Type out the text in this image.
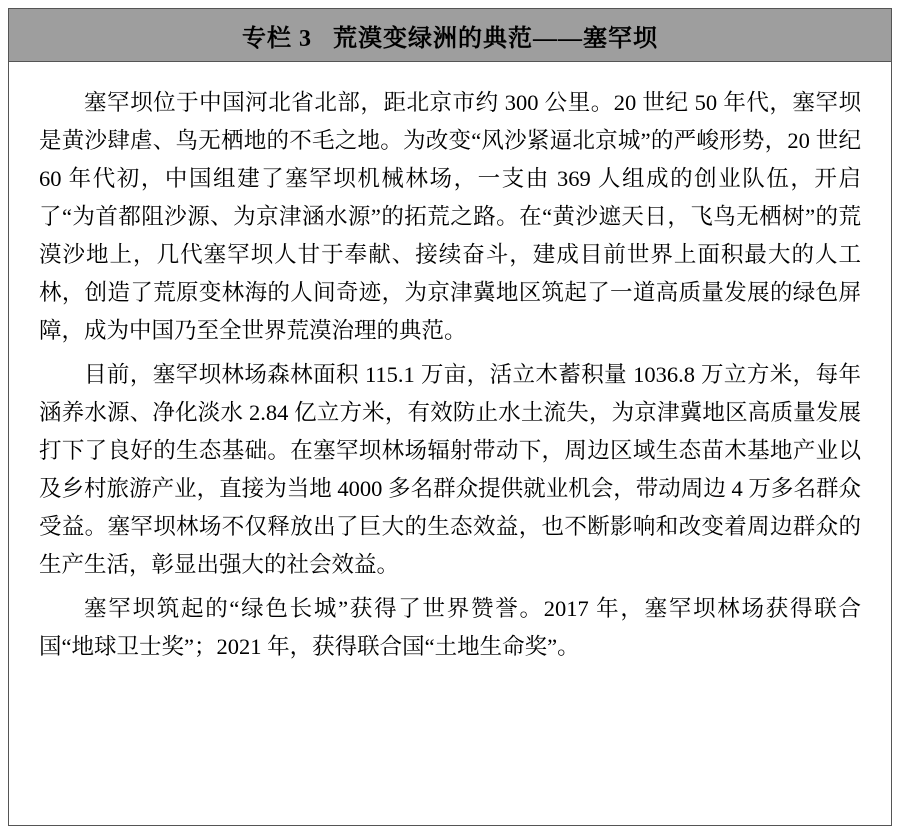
专栏 3   荒漠变绿洲的典范——塞罕坝

塞罕坝位于中国河北省北部，距北京市约 300 公里。20 世纪 50 年代，塞罕坝是黄沙肆虐、鸟无栖地的不毛之地。为改变“风沙紧逼北京城”的严峻形势，20 世纪 60 年代初，中国组建了塞罕坝机械林场，一支由 369 人组成的创业队伍，开启了“为首都阻沙源、为京津涵水源”的拓荒之路。在“黄沙遮天日，飞鸟无栖树”的荒漠沙地上，几代塞罕坝人甘于奉献、接续奋斗，建成目前世界上面积最大的人工林，创造了荒原变林海的人间奇迹，为京津冀地区筑起了一道高质量发展的绿色屏障，成为中国乃至全世界荒漠治理的典范。

目前，塞罕坝林场森林面积 115.1 万亩，活立木蓄积量 1036.8 万立方米，每年涵养水源、净化淡水 2.84 亿立方米，有效防止水土流失，为京津冀地区高质量发展打下了良好的生态基础。在塞罕坝林场辐射带动下，周边区域生态苗木基地产业以及乡村旅游产业，直接为当地 4000 多名群众提供就业机会，带动周边 4 万多名群众受益。塞罕坝林场不仅释放出了巨大的生态效益，也不断影响和改变着周边群众的生产生活，彰显出强大的社会效益。

塞罕坝筑起的“绿色长城”获得了世界赞誉。2017 年，塞罕坝林场获得联合国“地球卫士奖”；2021 年，获得联合国“土地生命奖”。
